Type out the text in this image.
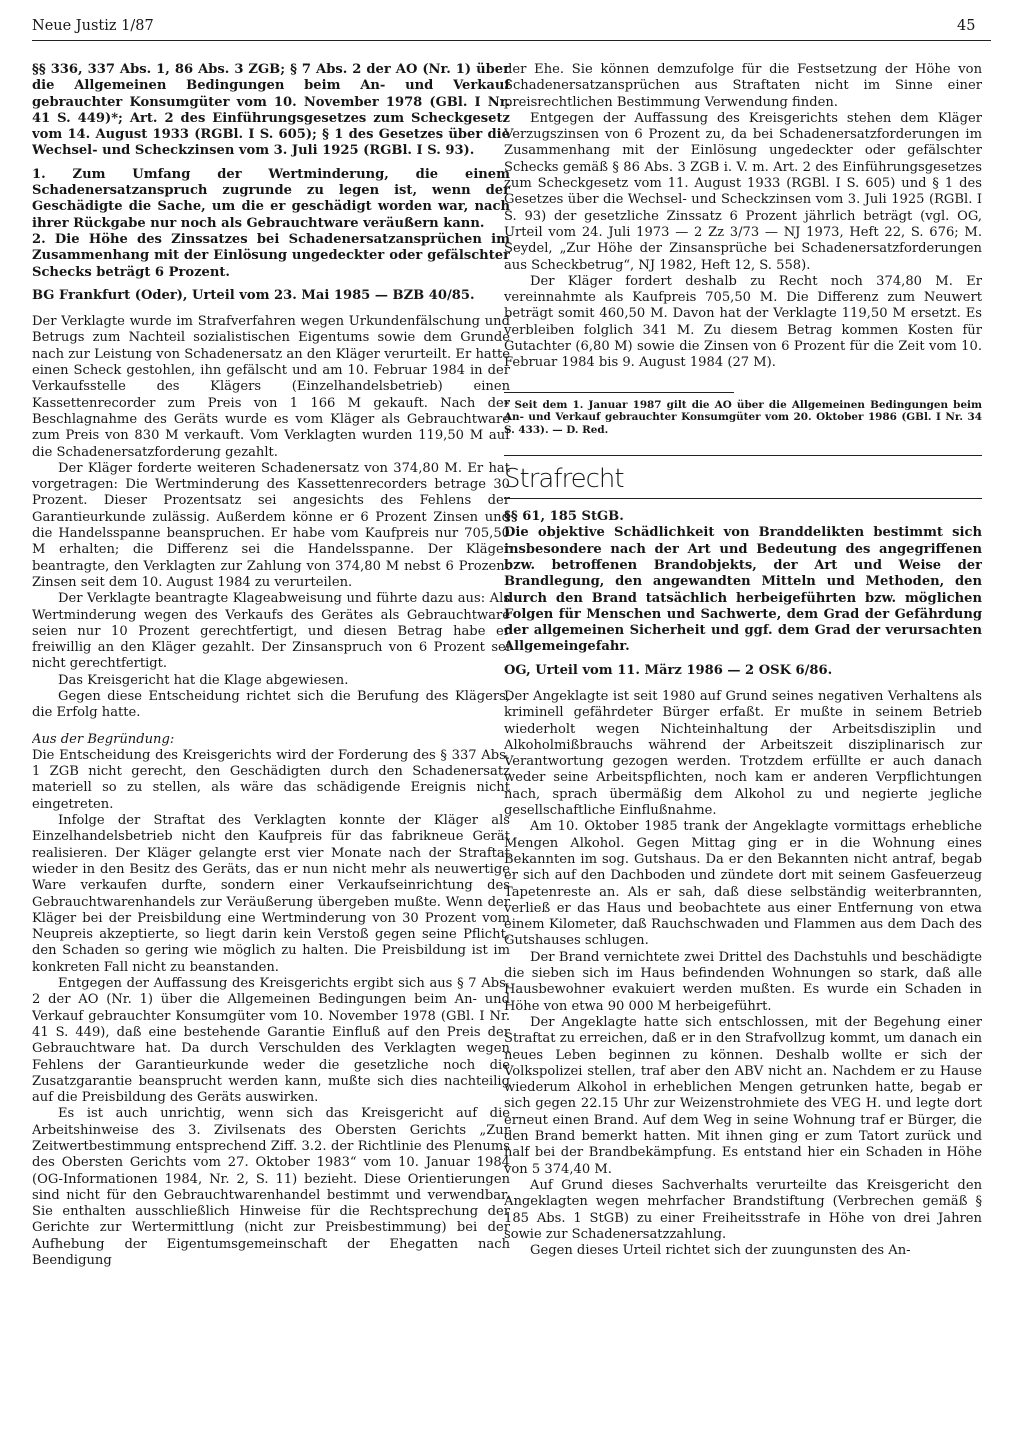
Neue Justiz 1/87	45

§§ 336, 337 Abs. 1, 86 Abs. 3 ZGB; § 7 Abs. 2 der AO (Nr. 1) über die Allgemeinen Bedingungen beim An- und Verkauf gebrauchter Konsumgüter vom 10. November 1978 (GBl. I Nr. 41 S. 449)*; Art. 2 des Einführungsgesetzes zum Scheckgesetz vom 14. August 1933 (RGBl. I S. 605); § 1 des Gesetzes über die Wechsel- und Scheckzinsen vom 3. Juli 1925 (RGBl. I S. 93).

1. Zum Umfang der Wertminderung, die einem Schadenersatzanspruch zugrunde zu legen ist, wenn der Geschädigte die Sache, um die er geschädigt worden war, nach ihrer Rückgabe nur noch als Gebrauchtware veräußern kann.

2. Die Höhe des Zinssatzes bei Schadenersatzansprüchen im Zusammenhang mit der Einlösung ungedeckter oder gefälschter Schecks beträgt 6 Prozent.

BG Frankfurt (Oder), Urteil vom 23. Mai 1985 — BZB 40/85.

Der Verklagte wurde im Strafverfahren wegen Urkundenfälschung und Betrugs zum Nachteil sozialistischen Eigentums sowie dem Grunde nach zur Leistung von Schadenersatz an den Kläger verurteilt. Er hatte einen Scheck gestohlen, ihn gefälscht und am 10. Februar 1984 in der Verkaufsstelle des Klägers (Einzelhandelsbetrieb) einen Kassettenrecorder zum Preis von 1 166 M gekauft. Nach der Beschlagnahme des Geräts wurde es vom Kläger als Gebrauchtware zum Preis von 830 M verkauft. Vom Verklagten wurden 119,50 M auf die Schadenersatzforderung gezahlt.

Der Kläger forderte weiteren Schadenersatz von 374,80 M. Er hat vorgetragen: Die Wertminderung des Kassettenrecorders betrage 30 Prozent. Dieser Prozentsatz sei angesichts des Fehlens der Garantieurkunde zulässig. Außerdem könne er 6 Prozent Zinsen und die Handelsspanne beanspruchen. Er habe vom Kaufpreis nur 705,50 M erhalten; die Differenz sei die Handelsspanne. Der Kläger beantragte, den Verklagten zur Zahlung von 374,80 M nebst 6 Prozent Zinsen seit dem 10. August 1984 zu verurteilen.

Der Verklagte beantragte Klageabweisung und führte dazu aus: Als Wertminderung wegen des Verkaufs des Gerätes als Gebrauchtware seien nur 10 Prozent gerechtfertigt, und diesen Betrag habe er freiwillig an den Kläger gezahlt. Der Zinsanspruch von 6 Prozent sei nicht gerechtfertigt.

Das Kreisgericht hat die Klage abgewiesen.

Gegen diese Entscheidung richtet sich die Berufung des Klägers, die Erfolg hatte.

Aus der Begründung:

Die Entscheidung des Kreisgerichts wird der Forderung des § 337 Abs. 1 ZGB nicht gerecht, den Geschädigten durch den Schadenersatz materiell so zu stellen, als wäre das schädigende Ereignis nicht eingetreten.

Infolge der Straftat des Verklagten konnte der Kläger als Einzelhandelsbetrieb nicht den Kaufpreis für das fabrikneue Gerät realisieren. Der Kläger gelangte erst vier Monate nach der Straftat wieder in den Besitz des Geräts, das er nun nicht mehr als neuwertige Ware verkaufen durfte, sondern einer Verkaufseinrichtung des Gebrauchtwarenhandels zur Veräußerung übergeben mußte. Wenn der Kläger bei der Preisbildung eine Wertminderung von 30 Prozent vom Neupreis akzeptierte, so liegt darin kein Verstoß gegen seine Pflicht, den Schaden so gering wie möglich zu halten. Die Preisbildung ist im konkreten Fall nicht zu beanstanden.

Entgegen der Auffassung des Kreisgerichts ergibt sich aus § 7 Abs. 2 der AO (Nr. 1) über die Allgemeinen Bedingungen beim An- und Verkauf gebrauchter Konsumgüter vom 10. November 1978 (GBl. I Nr. 41 S. 449), daß eine bestehende Garantie Einfluß auf den Preis der Gebrauchtware hat. Da durch Verschulden des Verklagten wegen Fehlens der Garantieurkunde weder die gesetzliche noch die Zusatzgarantie beansprucht werden kann, mußte sich dies nachteilig auf die Preisbildung des Geräts auswirken.

Es ist auch unrichtig, wenn sich das Kreisgericht auf die Arbeitshinweise des 3. Zivilsenats des Obersten Gerichts „Zur Zeitwertbestimmung entsprechend Ziff. 3.2. der Richtlinie des Plenums des Obersten Gerichts vom 27. Oktober 1983“ vom 10. Januar 1984 (OG-Informationen 1984, Nr. 2, S. 11) bezieht. Diese Orientierungen sind nicht für den Gebrauchtwarenhandel bestimmt und verwendbar. Sie enthalten ausschließlich Hinweise für die Rechtsprechung der Gerichte zur Wertermittlung (nicht zur Preisbestimmung) bei der Aufhebung der Eigentumsgemeinschaft der Ehegatten nach Beendigung

der Ehe. Sie können demzufolge für die Festsetzung der Höhe von Schadenersatzansprüchen aus Straftaten nicht im Sinne einer preisrechtlichen Bestimmung Verwendung finden.

Entgegen der Auffassung des Kreisgerichts stehen dem Kläger Verzugszinsen von 6 Prozent zu, da bei Schadenersatzforderungen im Zusammenhang mit der Einlösung ungedeckter oder gefälschter Schecks gemäß § 86 Abs. 3 ZGB i. V. m. Art. 2 des Einführungsgesetzes zum Scheckgesetz vom 11. August 1933 (RGBl. I S. 605) und § 1 des Gesetzes über die Wechsel- und Scheckzinsen vom 3. Juli 1925 (RGBl. I S. 93) der gesetzliche Zinssatz 6 Prozent jährlich beträgt (vgl. OG, Urteil vom 24. Juli 1973 — 2 Zz 3/73 — NJ 1973, Heft 22, S. 676; M. Seydel, „Zur Höhe der Zinsansprüche bei Schadenersatzforderungen aus Scheckbetrug“, NJ 1982, Heft 12, S. 558).

Der Kläger fordert deshalb zu Recht noch 374,80 M. Er vereinnahmte als Kaufpreis 705,50 M. Die Differenz zum Neuwert beträgt somit 460,50 M. Davon hat der Verklagte 119,50 M ersetzt. Es verbleiben folglich 341 M. Zu diesem Betrag kommen Kosten für Gutachter (6,80 M) sowie die Zinsen von 6 Prozent für die Zeit vom 10. Februar 1984 bis 9. August 1984 (27 M).

* Seit dem 1. Januar 1987 gilt die AO über die Allgemeinen Bedingungen beim An- und Verkauf gebrauchter Konsumgüter vom 20. Oktober 1986 (GBl. I Nr. 34 S. 433). — D. Red.

Strafrecht

§§ 61, 185 StGB.

Die objektive Schädlichkeit von Branddelikten bestimmt sich insbesondere nach der Art und Bedeutung des angegriffenen bzw. betroffenen Brandobjekts, der Art und Weise der Brandlegung, den angewandten Mitteln und Methoden, den durch den Brand tatsächlich herbeigeführten bzw. möglichen Folgen für Menschen und Sachwerte, dem Grad der Gefährdung der allgemeinen Sicherheit und ggf. dem Grad der verursachten Allgemeingefahr.

OG, Urteil vom 11. März 1986 — 2 OSK 6/86.

Der Angeklagte ist seit 1980 auf Grund seines negativen Verhaltens als kriminell gefährdeter Bürger erfaßt. Er mußte in seinem Betrieb wiederholt wegen Nichteinhaltung der Arbeitsdisziplin und Alkoholmißbrauchs während der Arbeitszeit disziplinarisch zur Verantwortung gezogen werden. Trotzdem erfüllte er auch danach weder seine Arbeitspflichten, noch kam er anderen Verpflichtungen nach, sprach übermäßig dem Alkohol zu und negierte jegliche gesellschaftliche Einflußnahme.

Am 10. Oktober 1985 trank der Angeklagte vormittags erhebliche Mengen Alkohol. Gegen Mittag ging er in die Wohnung eines Bekannten im sog. Gutshaus. Da er den Bekannten nicht antraf, begab er sich auf den Dachboden und zündete dort mit seinem Gasfeuerzeug Tapetenreste an. Als er sah, daß diese selbständig weiterbrannten, verließ er das Haus und beobachtete aus einer Entfernung von etwa einem Kilometer, daß Rauchschwaden und Flammen aus dem Dach des Gutshauses schlugen.

Der Brand vernichtete zwei Drittel des Dachstuhls und beschädigte die sieben sich im Haus befindenden Wohnungen so stark, daß alle Hausbewohner evakuiert werden mußten. Es wurde ein Schaden in Höhe von etwa 90 000 M herbeigeführt.

Der Angeklagte hatte sich entschlossen, mit der Begehung einer Straftat zu erreichen, daß er in den Strafvollzug kommt, um danach ein neues Leben beginnen zu können. Deshalb wollte er sich der Volkspolizei stellen, traf aber den ABV nicht an. Nachdem er zu Hause wiederum Alkohol in erheblichen Mengen getrunken hatte, begab er sich gegen 22.15 Uhr zur Weizenstrohmiete des VEG H. und legte dort erneut einen Brand. Auf dem Weg in seine Wohnung traf er Bürger, die den Brand bemerkt hatten. Mit ihnen ging er zum Tatort zurück und half bei der Brandbekämpfung. Es entstand hier ein Schaden in Höhe von 5 374,40 M.

Auf Grund dieses Sachverhalts verurteilte das Kreisgericht den Angeklagten wegen mehrfacher Brandstiftung (Verbrechen gemäß § 185 Abs. 1 StGB) zu einer Freiheitsstrafe in Höhe von drei Jahren sowie zur Schadenersatzzahlung.

Gegen dieses Urteil richtet sich der zuungunsten des An-
